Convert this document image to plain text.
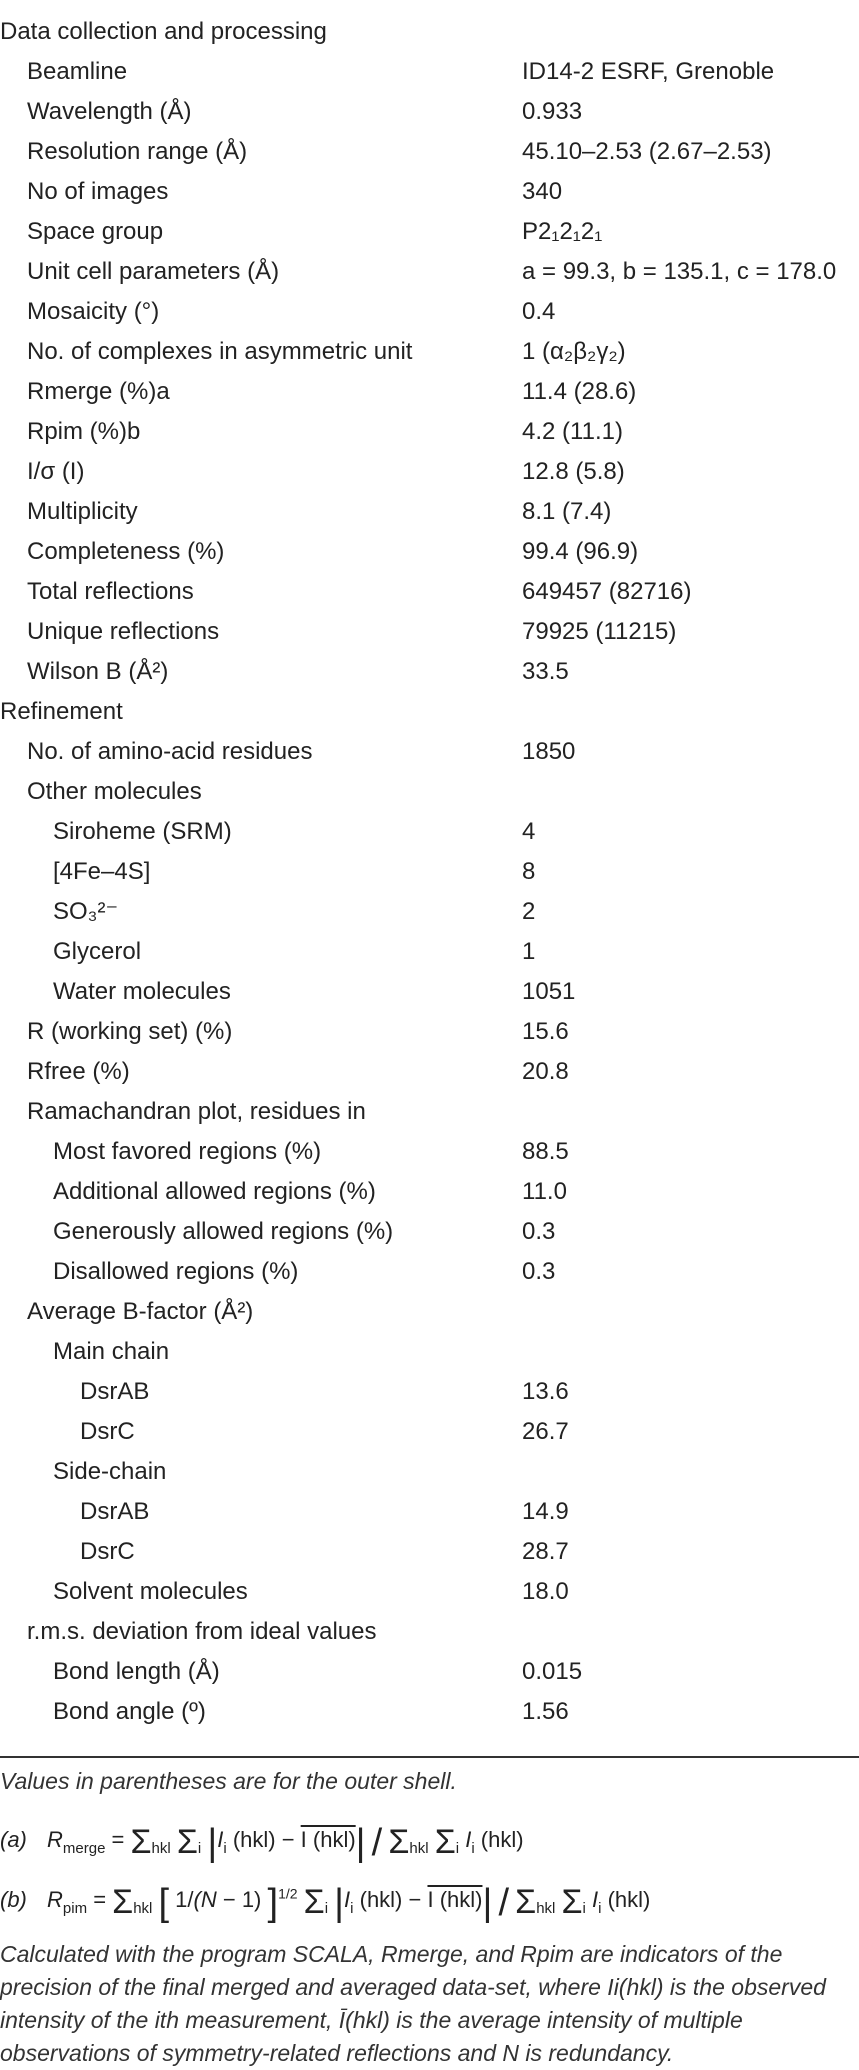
Data collection and processing	
Beamline	ID14-2 ESRF, Grenoble
Wavelength (Å)	0.933
Resolution range (Å)	45.10–2.53 (2.67–2.53)
No of images	340
Space group	P2₁2₁2₁
Unit cell parameters (Å)	a = 99.3, b = 135.1, c = 178.0
Mosaicity (°)	0.4
No. of complexes in asymmetric unit	1 (α₂β₂γ₂)
Rmerge (%)a	11.4 (28.6)
Rpim (%)b	4.2 (11.1)
I/σ (I)	12.8 (5.8)
Multiplicity	8.1 (7.4)
Completeness (%)	99.4 (96.9)
Total reflections	649457 (82716)
Unique reflections	79925 (11215)
Wilson B (Å²)	33.5
Refinement	
No. of amino-acid residues	1850
Other molecules	
Siroheme (SRM)	4
[4Fe–4S]	8
SO₃²⁻	2
Glycerol	1
Water molecules	1051
R (working set) (%)	15.6
Rfree (%)	20.8
Ramachandran plot, residues in	
Most favored regions (%)	88.5
Additional allowed regions (%)	11.0
Generously allowed regions (%)	0.3
Disallowed regions (%)	0.3
Average B-factor (Å²)	
Main chain	
DsrAB	13.6
DsrC	26.7
Side-chain	
DsrAB	14.9
DsrC	28.7
Solvent molecules	18.0
r.m.s. deviation from ideal values	
Bond length (Å)	0.015
Bond angle (º)	1.56
Values in parentheses are for the outer shell.
(a) $R_{merge} = \Sigma_{hkl}$ $\Sigma_i$ $|I_i$ (hkl) − I $(hkl)| / \Sigma_{hkl}$ $\Sigma_i$ $I_i$ (hkl)
(b) $R_{pim} = \Sigma_{hkl}$ [ 1/(N − 1) ]$^{1/2}$ $\Sigma_i$ $|I_i$ (hkl) − I $(hkl)| / \Sigma_{hkl}$ $\Sigma_i$ $I_i$ (hkl)
Calculated with the program SCALA, Rmerge, and Rpim are indicators of the precision of the final merged and averaged data-set, where Ii(hkl) is the observed intensity of the ith measurement, Ī(hkl) is the average intensity of multiple observations of symmetry-related reflections and N is redundancy.
